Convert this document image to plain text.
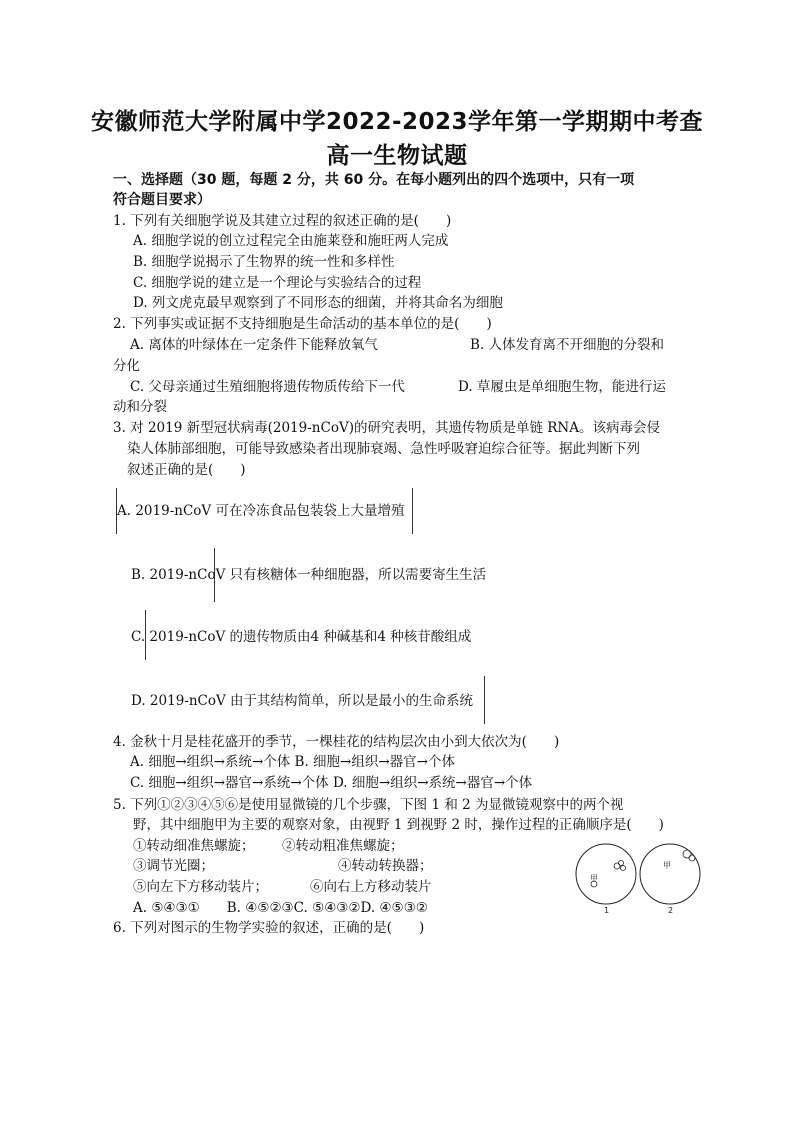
安徽师范大学附属中学2022-2023学年第一学期期中考查
高一生物试题
一、选择题（30 题，每题 2 分，共 60 分。在每小题列出的四个选项中，只有一项
符合题目要求）
1. 下列有关细胞学说及其建立过程的叙述正确的是(　　)
A. 细胞学说的创立过程完全由施莱登和施旺两人完成
B. 细胞学说揭示了生物界的统一性和多样性
C. 细胞学说的建立是一个理论与实验结合的过程
D. 列文虎克最早观察到了不同形态的细菌，并将其命名为细胞
2. 下列事实或证据不支持细胞是生命活动的基本单位的是(　　)
A. 离体的叶绿体在一定条件下能释放氧气	B. 人体发育离不开细胞的分裂和
分化
C. 父母亲通过生殖细胞将遗传物质传给下一代	D. 草履虫是单细胞生物，能进行运
动和分裂
3. 对 2019 新型冠状病毒(2019-nCoV)的研究表明，其遗传物质是单链 RNA。该病毒会侵
染人体肺部细胞，可能导致感染者出现肺衰竭、急性呼吸窘迫综合征等。据此判断下列
叙述正确的是(　　)
A. 2019-nCoV 可在冷冻食品包装袋上大量增殖
B. 2019-nCoV 只有核糖体一种细胞器，所以需要寄生生活
C. 2019-nCoV 的遗传物质由4 种碱基和4 种核苷酸组成
D. 2019-nCoV 由于其结构简单，所以是最小的生命系统
4. 金秋十月是桂花盛开的季节，一棵桂花的结构层次由小到大依次为(　　)
A. 细胞→组织→系统→个体 B. 细胞→组织→器官→个体
C. 细胞→组织→器官→系统→个体 D. 细胞→组织→系统→器官→个体
5. 下列①②③④⑤⑥是使用显微镜的几个步骤，下图 1 和 2 为显微镜观察中的两个视
野，其中细胞甲为主要的观察对象，由视野 1 到视野 2 时，操作过程的正确顺序是(　　)
①转动细准焦螺旋； ②转动粗准焦螺旋；
③调节光圈；	④转动转换器；
⑤向左下方移动装片；	⑥向右上方移动装片
A. ⑤④③①　　B. ④⑤②③C. ⑤④③②D. ④⑤③②
甲
1
甲
2
6. 下列对图示的生物学实验的叙述，正确的是(　　)
